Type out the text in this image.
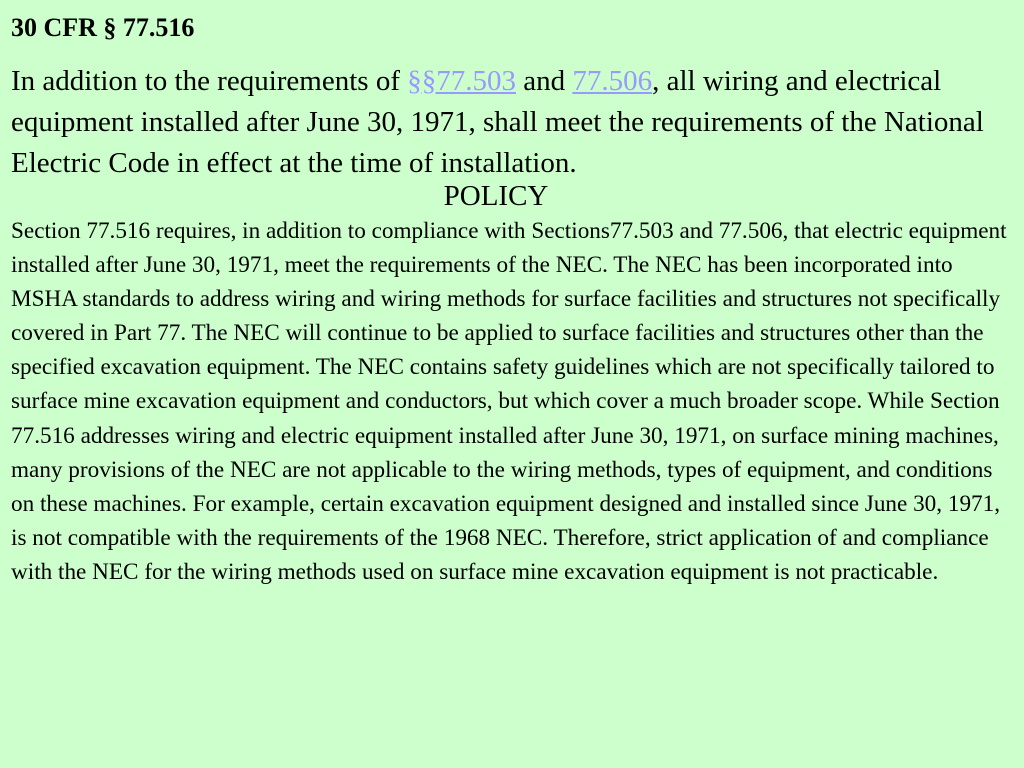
30 CFR § 77.516

In addition to the requirements of §§77.503 and 77.506, all wiring and electrical equipment installed after June 30, 1971, shall meet the requirements of the National Electric Code in effect at the time of installation.

POLICY

Section 77.516 requires, in addition to compliance with Sections77.503 and 77.506, that electric equipment installed after June 30, 1971, meet the requirements of the NEC. The NEC has been incorporated into MSHA standards to address wiring and wiring methods for surface facilities and structures not specifically covered in Part 77. The NEC will continue to be applied to surface facilities and structures other than the specified excavation equipment. The NEC contains safety guidelines which are not specifically tailored to surface mine excavation equipment and conductors, but which cover a much broader scope. While Section 77.516 addresses wiring and electric equipment installed after June 30, 1971, on surface mining machines, many provisions of the NEC are not applicable to the wiring methods, types of equipment, and conditions on these machines. For example, certain excavation equipment designed and installed since June 30, 1971, is not compatible with the requirements of the 1968 NEC. Therefore, strict application of and compliance with the NEC for the wiring methods used on surface mine excavation equipment is not practicable.
